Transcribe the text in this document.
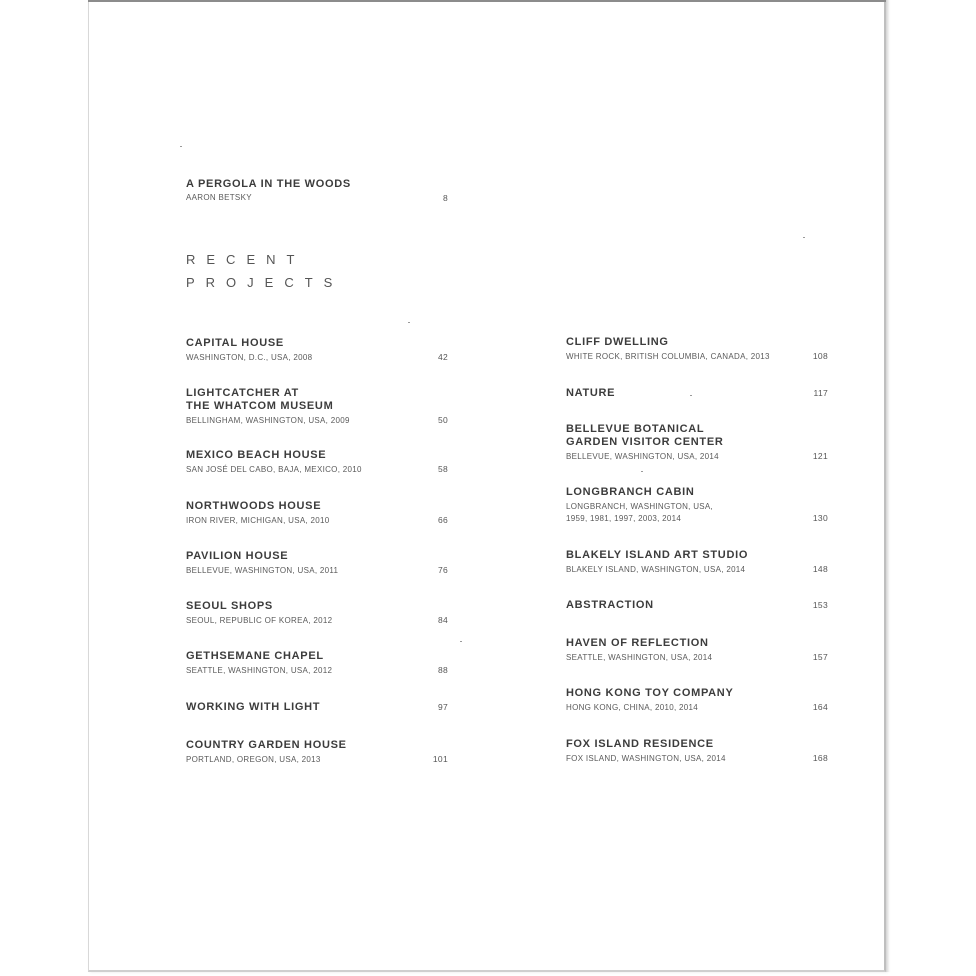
A PERGOLA IN THE WOODS

AARON BETSKY	8
RECENT
PROJECTS

CAPITAL HOUSE

WASHINGTON, D.C., USA, 2008	42

LIGHTCATCHER AT

THE WHATCOM MUSEUM

BELLINGHAM, WASHINGTON, USA, 2009	50

MEXICO BEACH HOUSE

SAN JOSÉ DEL CABO, BAJA, MEXICO, 2010	58

NORTHWOODS HOUSE

IRON RIVER, MICHIGAN, USA, 2010	66

PAVILION HOUSE

BELLEVUE, WASHINGTON, USA, 2011	76

SEOUL SHOPS

SEOUL, REPUBLIC OF KOREA, 2012	84

GETHSEMANE CHAPEL

SEATTLE, WASHINGTON, USA, 2012	88

WORKING WITH LIGHT	97

COUNTRY GARDEN HOUSE

PORTLAND, OREGON, USA, 2013	101

CLIFF DWELLING

WHITE ROCK, BRITISH COLUMBIA, CANADA, 2013	108

NATURE	117

BELLEVUE BOTANICAL

GARDEN VISITOR CENTER

BELLEVUE, WASHINGTON, USA, 2014	121

LONGBRANCH CABIN

LONGBRANCH, WASHINGTON, USA,

1959, 1981, 1997, 2003, 2014	130

BLAKELY ISLAND ART STUDIO

BLAKELY ISLAND, WASHINGTON, USA, 2014	148

ABSTRACTION	153

HAVEN OF REFLECTION

SEATTLE, WASHINGTON, USA, 2014	157

HONG KONG TOY COMPANY

HONG KONG, CHINA, 2010, 2014	164

FOX ISLAND RESIDENCE

FOX ISLAND, WASHINGTON, USA, 2014	168
